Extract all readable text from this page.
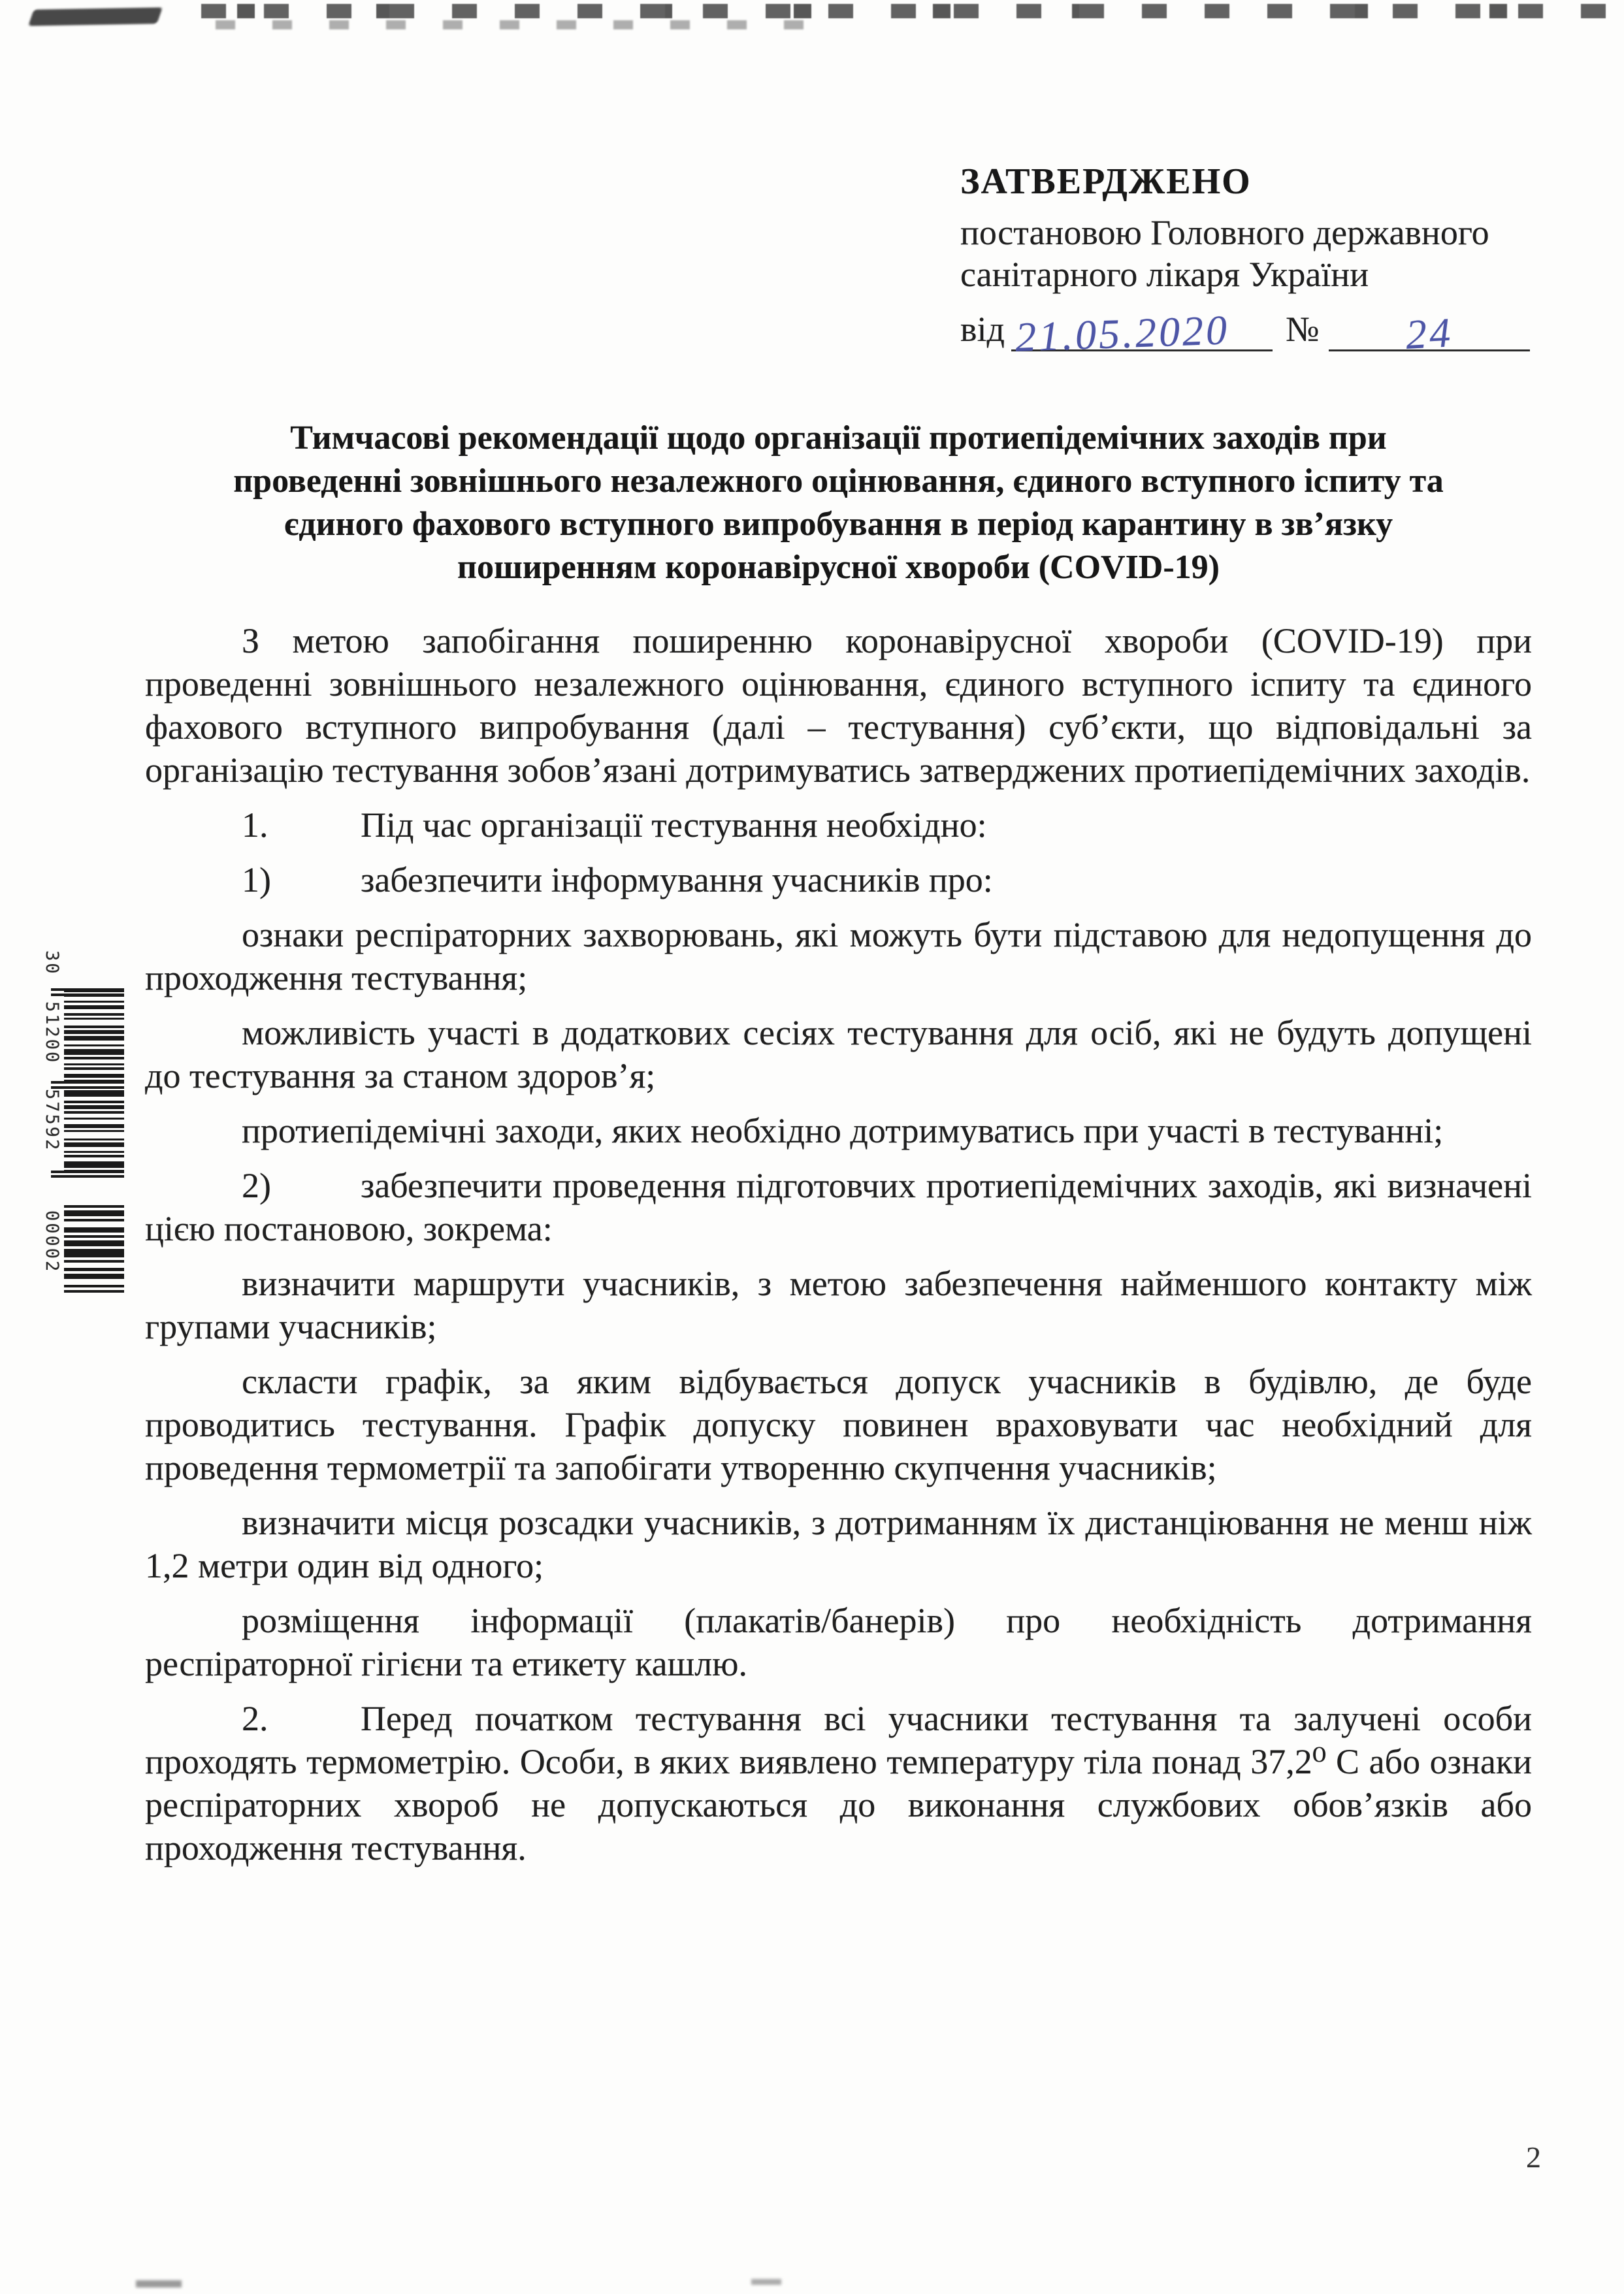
ЗАТВЕРДЖЕНО
постановою Головного державного
санітарного лікаря України
від 21.05.2020 № 24
Тимчасові рекомендації щодо організації протиепідемічних заходів при
проведенні зовнішнього незалежного оцінювання, єдиного вступного іспиту та
єдиного фахового вступного випробування в період карантину в зв’язку
поширенням коронавірусної хвороби (COVID-19)
З метою запобігання поширенню коронавірусної хвороби (COVID-19) при проведенні зовнішнього незалежного оцінювання, єдиного вступного іспиту та єдиного фахового вступного випробування (далі – тестування) суб’єкти, що відповідальні за організацію тестування зобов’язані дотримуватись затверджених протиепідемічних заходів.
1.	Під час організації тестування необхідно:
1)	забезпечити інформування учасників про:
ознаки респіраторних захворювань, які можуть бути підставою для недопущення до проходження тестування;
можливість участі в додаткових сесіях тестування для осіб, які не будуть допущені до тестування за станом здоров’я;
протиепідемічні заходи, яких необхідно дотримуватись при участі в тестуванні;
2)	забезпечити проведення підготовчих протиепідемічних заходів, які визначені цією постановою, зокрема:
визначити маршрути учасників, з метою забезпечення найменшого контакту між групами учасників;
скласти графік, за яким відбувається допуск учасників в будівлю, де буде проводитись тестування. Графік допуску повинен враховувати час необхідний для проведення термометрії та запобігати утворенню скупчення учасників;
визначити місця розсадки учасників, з дотриманням їх дистанціювання не менш ніж 1,2 метри один від одного;
розміщення інформації (плакатів/банерів) про необхідність дотримання респіраторної гігієни та етикету кашлю.
2.	Перед початком тестування всі учасники тестування та залучені особи проходять термометрію. Особи, в яких виявлено температуру тіла понад 37,2⁰ С або ознаки респіраторних хвороб не допускаються до виконання службових обов’язків або проходження тестування.
30
51200
57592
00002
2
